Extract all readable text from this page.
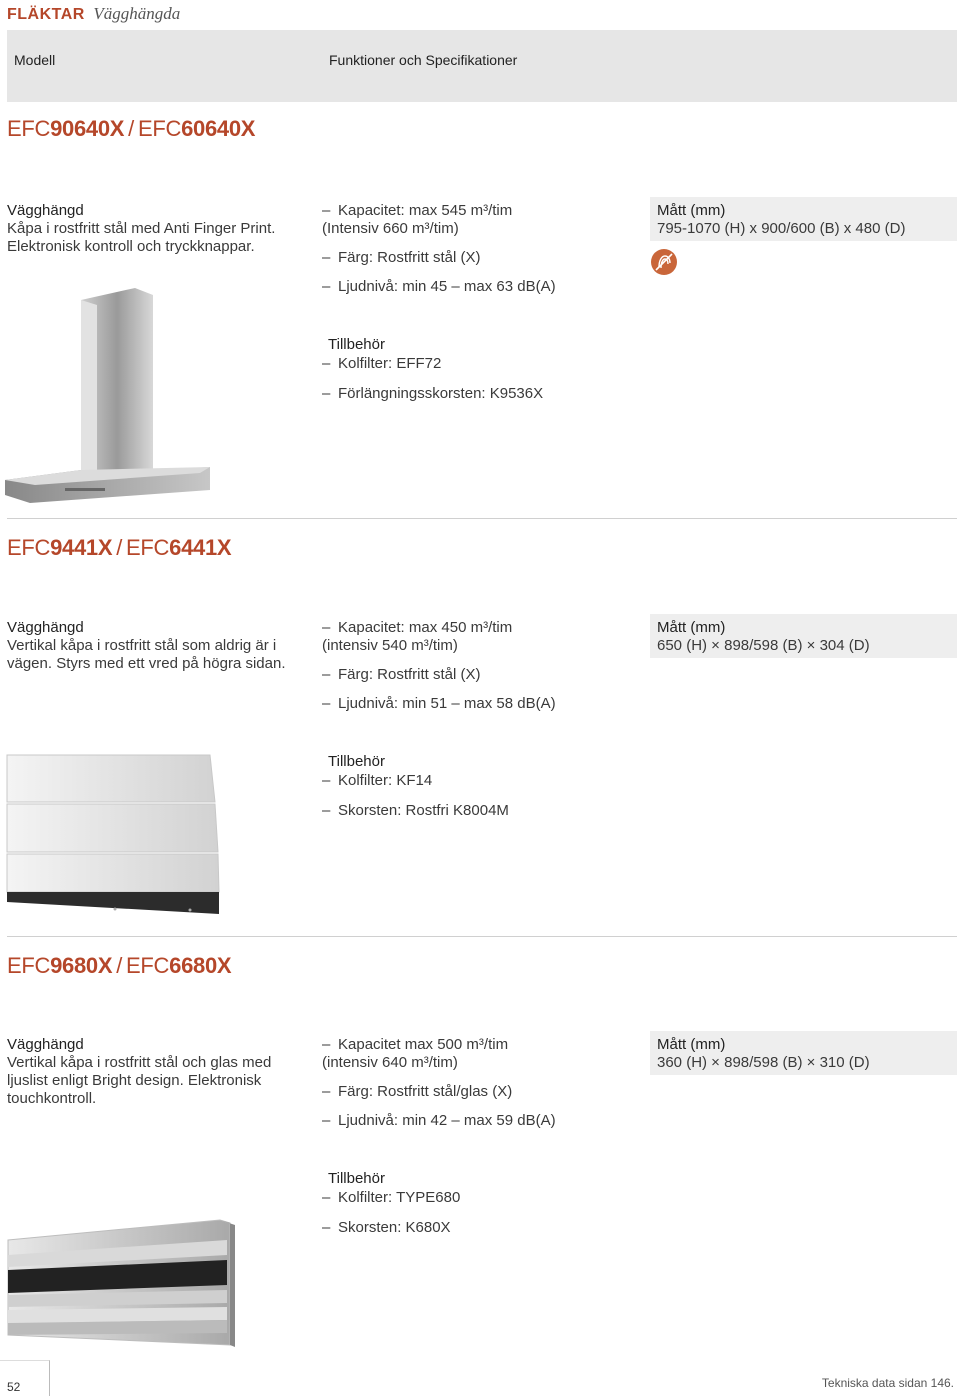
FLÄKTAR Vägghängda
Modell	Funktioner och Specifikationer
EFC90640X / EFC60640X
Vägghängd
Kåpa i rostfritt stål med Anti Finger Print. Elektronisk kontroll och tryckknappar.
– Kapacitet: max 545 m³/tim
(Intensiv 660 m³/tim)
– Färg: Rostfritt stål (X)
– Ljudnivå: min 45 – max 63 dB(A)
Mått (mm)
795-1070 (H) x 900/600 (B) x 480 (D)
Tillbehör
– Kolfilter: EFF72
– Förlängningsskorsten: K9536X
EFC9441X / EFC6441X
Vägghängd
Vertikal kåpa i rostfritt stål som aldrig är i vägen. Styrs med ett vred på högra sidan.
– Kapacitet: max 450 m³/tim
(intensiv 540 m³/tim)
– Färg: Rostfritt stål (X)
– Ljudnivå: min 51 – max 58 dB(A)
Mått (mm)
650 (H) × 898/598 (B) × 304 (D)
Tillbehör
– Kolfilter: KF14
– Skorsten: Rostfri K8004M
EFC9680X / EFC6680X
Vägghängd
Vertikal kåpa i rostfritt stål och glas med ljuslist enligt Bright design. Elektronisk touchkontroll.
– Kapacitet max 500 m³/tim
(intensiv 640 m³/tim)
– Färg: Rostfritt stål/glas (X)
– Ljudnivå: min 42 – max 59 dB(A)
Mått (mm)
360 (H) × 898/598 (B) × 310 (D)
Tillbehör
– Kolfilter: TYPE680
– Skorsten: K680X
52	Tekniska data sidan 146.
